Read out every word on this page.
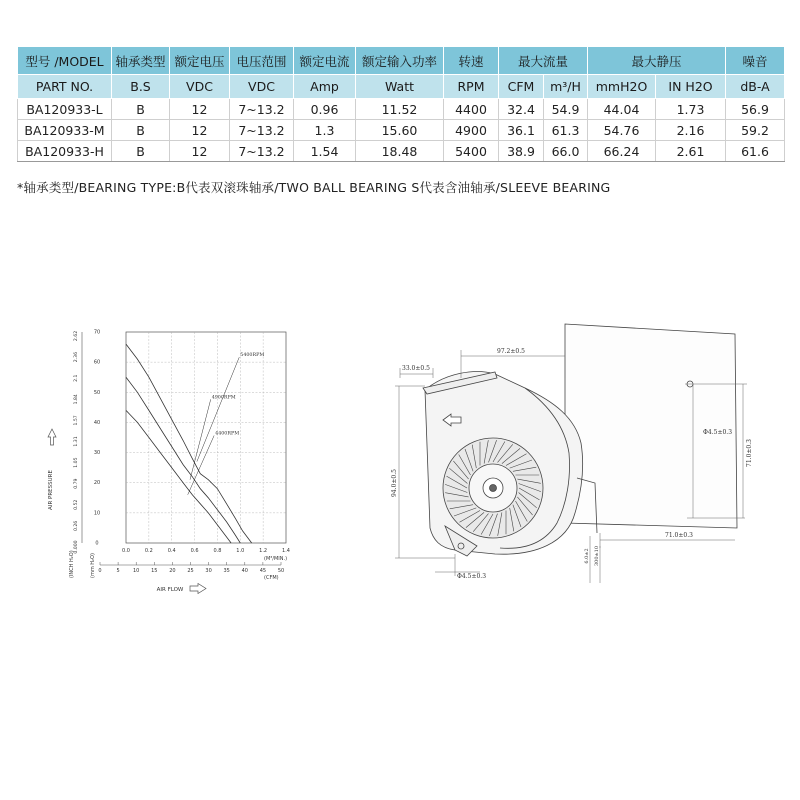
型号 /MODEL	轴承类型	额定电压	电压范围	额定电流	额定输入功率	转速	最大流量		最大静压		噪音
PART NO.	B.S	VDC	VDC	Amp	Watt	RPM	CFM	m³/H	mmH2O	IN H2O	dB-A
BA120933-L	B	12	7~13.2	0.96	11.52	4400	32.4	54.9	44.04	1.73	56.9
BA120933-M	B	12	7~13.2	1.3	15.60	4900	36.1	61.3	54.76	2.16	59.2
BA120933-H	B	12	7~13.2	1.54	18.48	5400	38.9	66.0	66.24	2.61	61.6
*轴承类型/BEARING TYPE:B代表双滚珠轴承/TWO BALL BEARING S代表含油轴承/SLEEVE BEARING
5400RPM
4900RPM
4400RPM
0
10
20
30
40
50
60
70
0.000
0.26
0.52
0.79
1.05
1.31
1.57
1.84
2.1
2.36
2.62
0.0	0.2	0.4	0.6	0.8	1.0	1.2	1.4
0	5	10 15 20 25 30 35 40 45 50
AIR PRESSURE
(INCH H₂O)	(mm H₂O)	(M³/MIN.)
(CFM)
AIR FLOW
33.0±0.5
97.2±0.5
94.0±0.5
Φ4.5±0.3
71.0±0.3
71.0±0.3
6.0±2 300±10
Φ4.5±0.3
